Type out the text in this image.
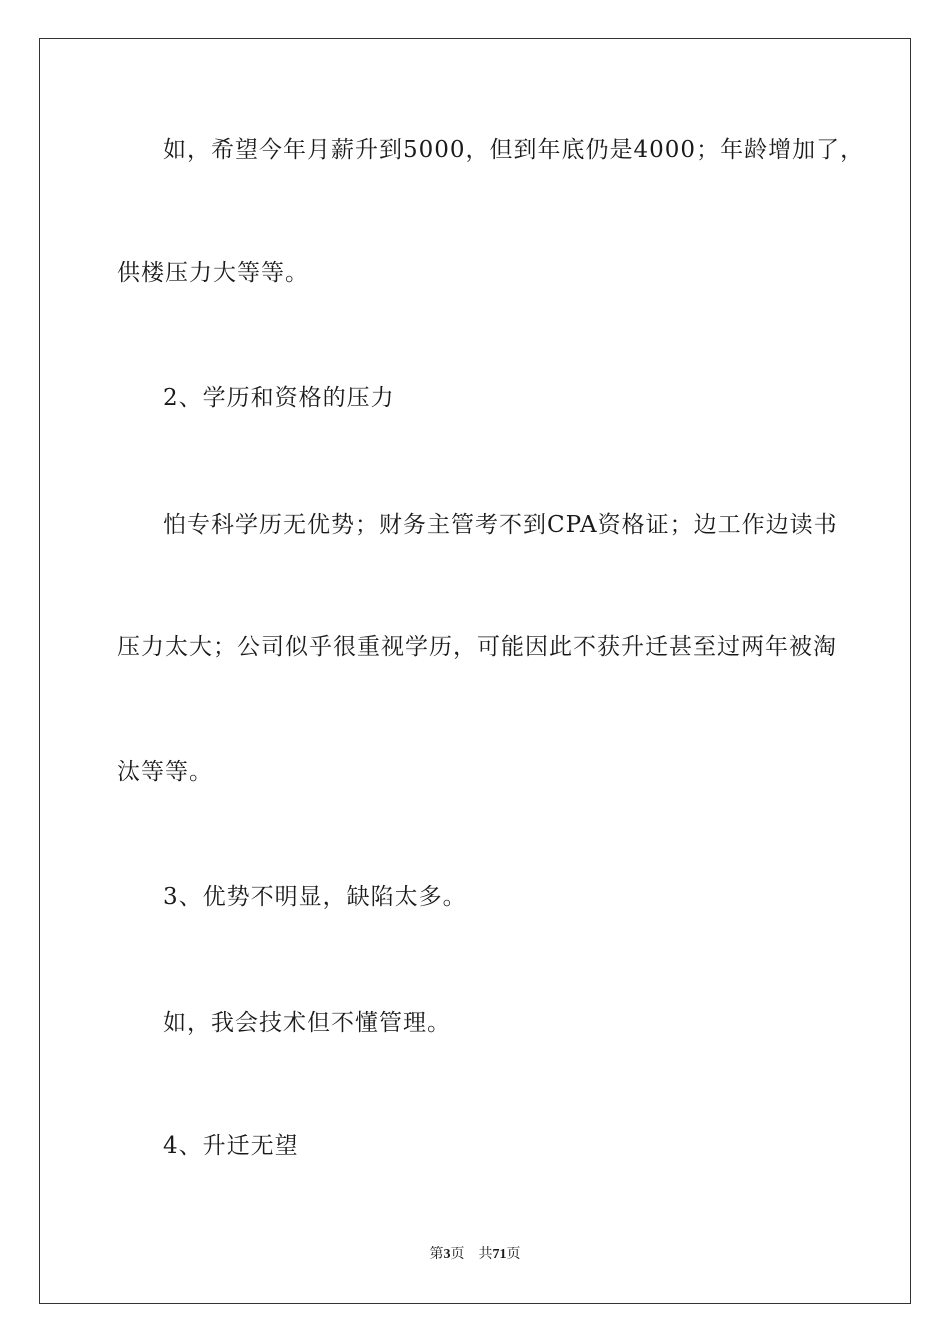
如，希望今年月薪升到5000，但到年底仍是4000；年龄增加了，
供楼压力大等等。
2、学历和资格的压力
怕专科学历无优势；财务主管考不到CPA资格证；边工作边读书
压力太大；公司似乎很重视学历，可能因此不获升迁甚至过两年被淘
汰等等。
3、优势不明显，缺陷太多。
如，我会技术但不懂管理。
4、升迁无望
第3页 共71页
